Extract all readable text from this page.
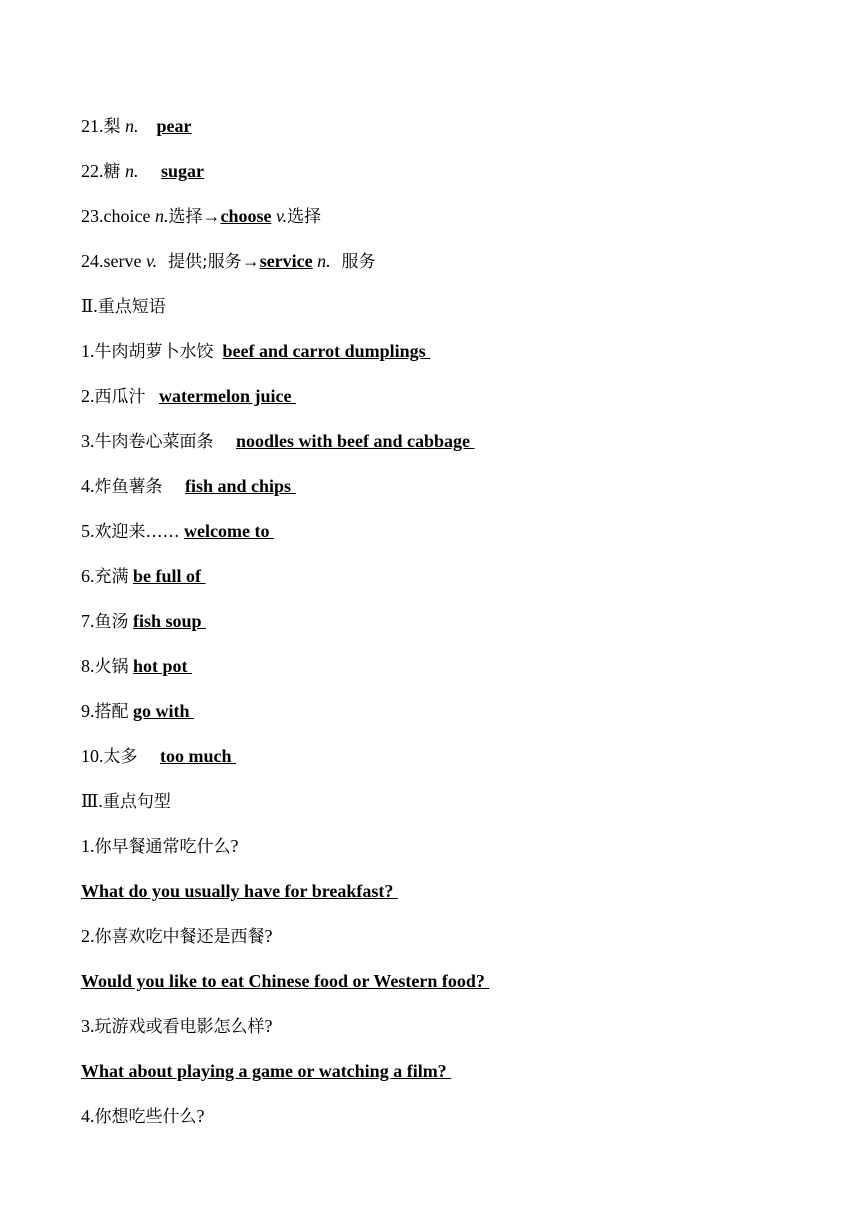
21.梨 n. pear
22.糖 n. sugar
23.choice n.选择→choose v.选择
24.serve v.  提供;服务→service n.  服务
Ⅱ.重点短语
1.牛肉胡萝卜水饺 beef and carrot dumplings
2.西瓜汁 watermelon juice
3.牛肉卷心菜面条 noodles with beef and cabbage
4.炸鱼薯条 fish and chips
5.欢迎来…… welcome to
6.充满 be full of
7.鱼汤 fish soup
8.火锅 hot pot
9.搭配 go with
10.太多 too much
Ⅲ.重点句型
1.你早餐通常吃什么?
What do you usually have for breakfast?
2.你喜欢吃中餐还是西餐?
Would you like to eat Chinese food or Western food?
3.玩游戏或看电影怎么样?
What about playing a game or watching a film?
4.你想吃些什么?
